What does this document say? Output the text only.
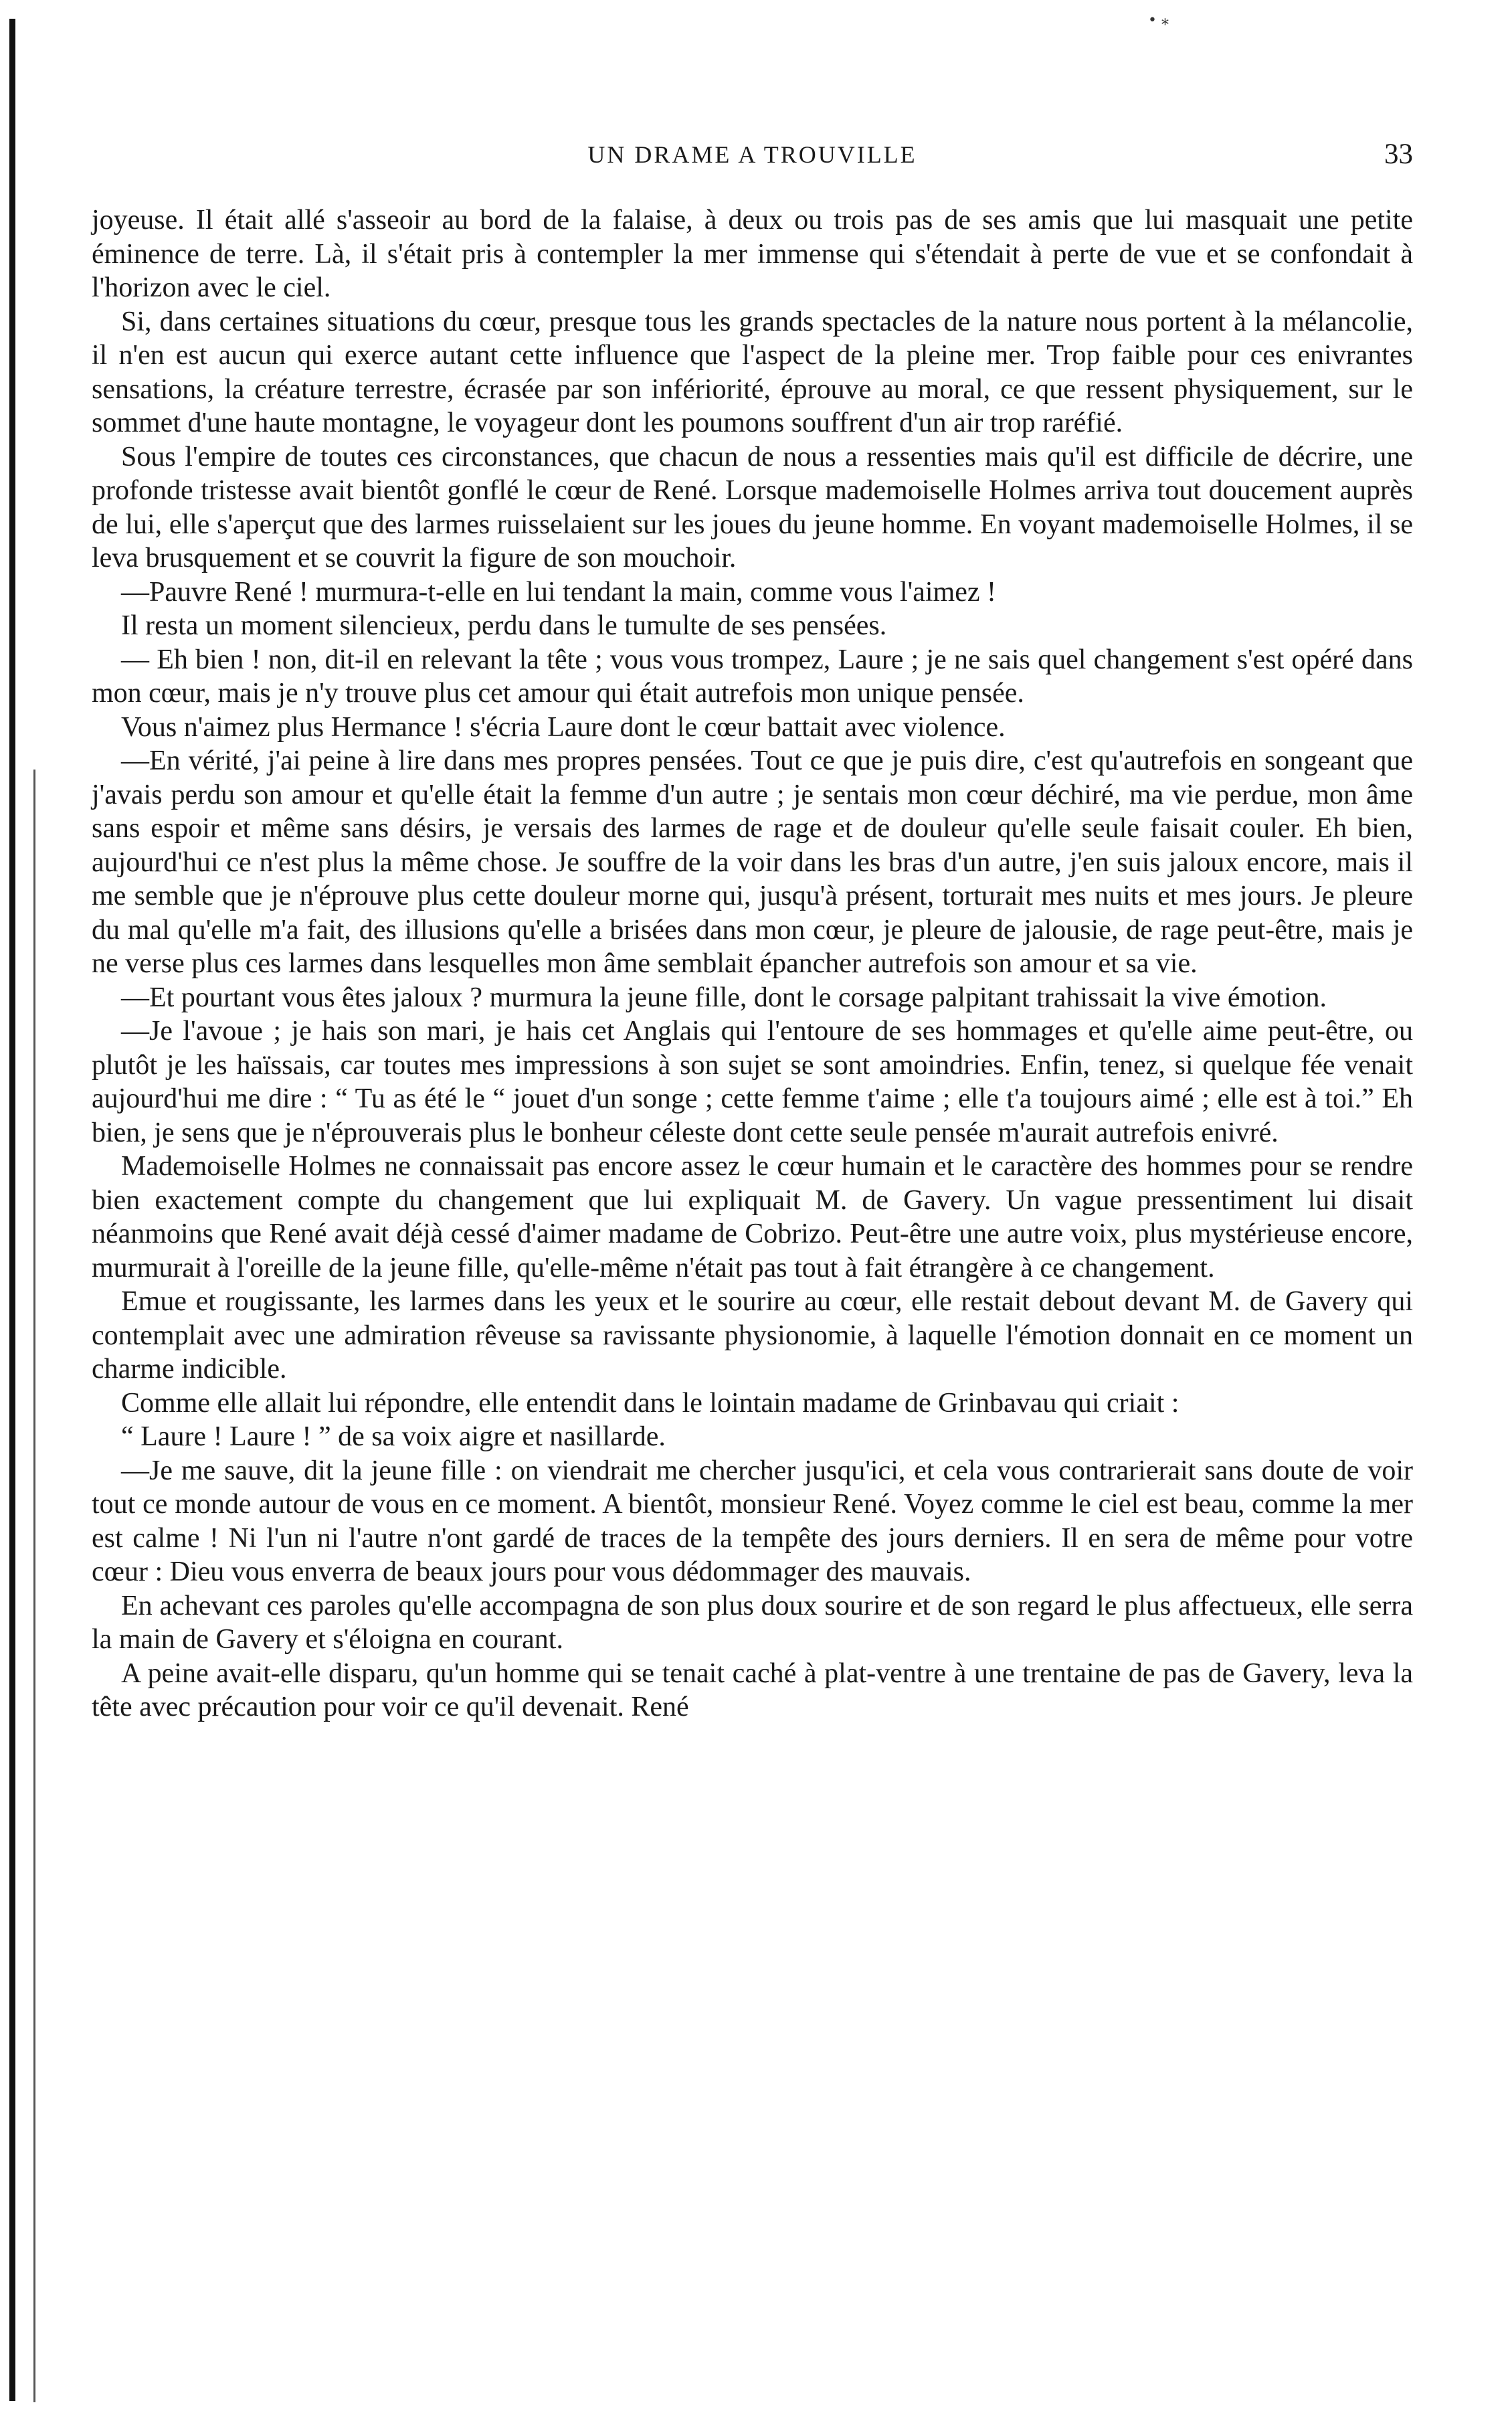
• ⁎
UN DRAME A TROUVILLE	33

joyeuse. Il était allé s'asseoir au bord de la falaise, à deux ou trois pas de ses amis que lui masquait une petite éminence de terre. Là, il s'était pris à contempler la mer immense qui s'étendait à perte de vue et se confondait à l'horizon avec le ciel.

Si, dans certaines situations du cœur, presque tous les grands spectacles de la nature nous portent à la mélancolie, il n'en est aucun qui exerce autant cette influence que l'aspect de la pleine mer. Trop faible pour ces enivrantes sensations, la créature terrestre, écrasée par son infériorité, éprouve au moral, ce que ressent physiquement, sur le sommet d'une haute montagne, le voyageur dont les poumons souffrent d'un air trop raréfié.

Sous l'empire de toutes ces circonstances, que chacun de nous a ressenties mais qu'il est difficile de décrire, une profonde tristesse avait bientôt gonflé le cœur de René. Lorsque mademoiselle Holmes arriva tout doucement auprès de lui, elle s'aperçut que des larmes ruisselaient sur les joues du jeune homme. En voyant mademoiselle Holmes, il se leva brusquement et se couvrit la figure de son mouchoir.

—Pauvre René ! murmura-t-elle en lui tendant la main, comme vous l'aimez !

Il resta un moment silencieux, perdu dans le tumulte de ses pensées.

— Eh bien ! non, dit-il en relevant la tête ; vous vous trompez, Laure ; je ne sais quel changement s'est opéré dans mon cœur, mais je n'y trouve plus cet amour qui était autrefois mon unique pensée.

Vous n'aimez plus Hermance ! s'écria Laure dont le cœur battait avec violence.

—En vérité, j'ai peine à lire dans mes propres pensées. Tout ce que je puis dire, c'est qu'autrefois en songeant que j'avais perdu son amour et qu'elle était la femme d'un autre ; je sentais mon cœur déchiré, ma vie perdue, mon âme sans espoir et même sans désirs, je versais des larmes de rage et de douleur qu'elle seule faisait couler. Eh bien, aujourd'hui ce n'est plus la même chose. Je souffre de la voir dans les bras d'un autre, j'en suis jaloux encore, mais il me semble que je n'éprouve plus cette douleur morne qui, jusqu'à présent, torturait mes nuits et mes jours. Je pleure du mal qu'elle m'a fait, des illusions qu'elle a brisées dans mon cœur, je pleure de jalousie, de rage peut-être, mais je ne verse plus ces larmes dans lesquelles mon âme semblait épancher autrefois son amour et sa vie.

—Et pourtant vous êtes jaloux ? murmura la jeune fille, dont le corsage palpitant trahissait la vive émotion.

—Je l'avoue ; je hais son mari, je hais cet Anglais qui l'entoure de ses hommages et qu'elle aime peut-être, ou plutôt je les haïssais, car toutes mes impressions à son sujet se sont amoindries. Enfin, tenez, si quelque fée venait aujourd'hui me dire : “ Tu as été le “ jouet d'un songe ; cette femme t'aime ; elle t'a toujours aimé ; elle est à toi.” Eh bien, je sens que je n'éprouverais plus le bonheur céleste dont cette seule pensée m'aurait autrefois enivré.

Mademoiselle Holmes ne connaissait pas encore assez le cœur humain et le caractère des hommes pour se rendre bien exactement compte du changement que lui expliquait M. de Gavery. Un vague pressentiment lui disait néanmoins que René avait déjà cessé d'aimer madame de Cobrizo. Peut-être une autre voix, plus mystérieuse encore, murmurait à l'oreille de la jeune fille, qu'elle-même n'était pas tout à fait étrangère à ce changement.

Emue et rougissante, les larmes dans les yeux et le sourire au cœur, elle restait debout devant M. de Gavery qui contemplait avec une admiration rêveuse sa ravissante physionomie, à laquelle l'émotion donnait en ce moment un charme indicible.

Comme elle allait lui répondre, elle entendit dans le lointain madame de Grinbavau qui criait :

“ Laure ! Laure ! ” de sa voix aigre et nasillarde.

—Je me sauve, dit la jeune fille : on viendrait me chercher jusqu'ici, et cela vous contrarierait sans doute de voir tout ce monde autour de vous en ce moment. A bientôt, monsieur René. Voyez comme le ciel est beau, comme la mer est calme ! Ni l'un ni l'autre n'ont gardé de traces de la tempête des jours derniers. Il en sera de même pour votre cœur : Dieu vous enverra de beaux jours pour vous dédommager des mauvais.

En achevant ces paroles qu'elle accompagna de son plus doux sourire et de son regard le plus affectueux, elle serra la main de Gavery et s'éloigna en courant.

A peine avait-elle disparu, qu'un homme qui se tenait caché à plat-ventre à une trentaine de pas de Gavery, leva la tête avec précaution pour voir ce qu'il devenait. René
